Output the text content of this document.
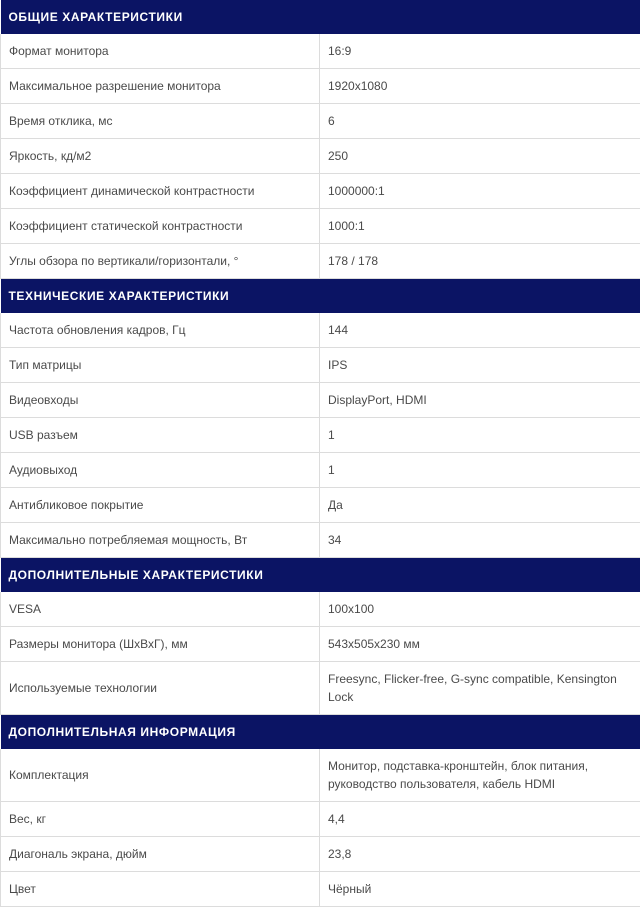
ОБЩИЕ ХАРАКТЕРИСТИКИ	
Формат монитора	16:9
Максимальное разрешение монитора	1920x1080
Время отклика, мс	6
Яркость, кд/м2	250
Коэффициент динамической контрастности	1000000:1
Коэффициент статической контрастности	1000:1
Углы обзора по вертикали/горизонтали, °	178 / 178
ТЕХНИЧЕСКИЕ ХАРАКТЕРИСТИКИ	
Частота обновления кадров, Гц	144
Тип матрицы	IPS
Видеовходы	DisplayPort, HDMI
USB разъем	1
Аудиовыход	1
Антибликовое покрытие	Да
Максимально потребляемая мощность, Вт	34
ДОПОЛНИТЕЛЬНЫЕ ХАРАКТЕРИСТИКИ	
VESA	100x100
Размеры монитора (ШхВхГ), мм	543x505x230 мм
Используемые технологии	Freesync, Flicker-free, G-sync compatible, Kensington Lock
ДОПОЛНИТЕЛЬНАЯ ИНФОРМАЦИЯ	
Комплектация	Монитор, подставка-кронштейн, блок питания, руководство пользователя, кабель HDMI
Вес, кг	4,4
Диагональ экрана, дюйм	23,8
Цвет	Чёрный
